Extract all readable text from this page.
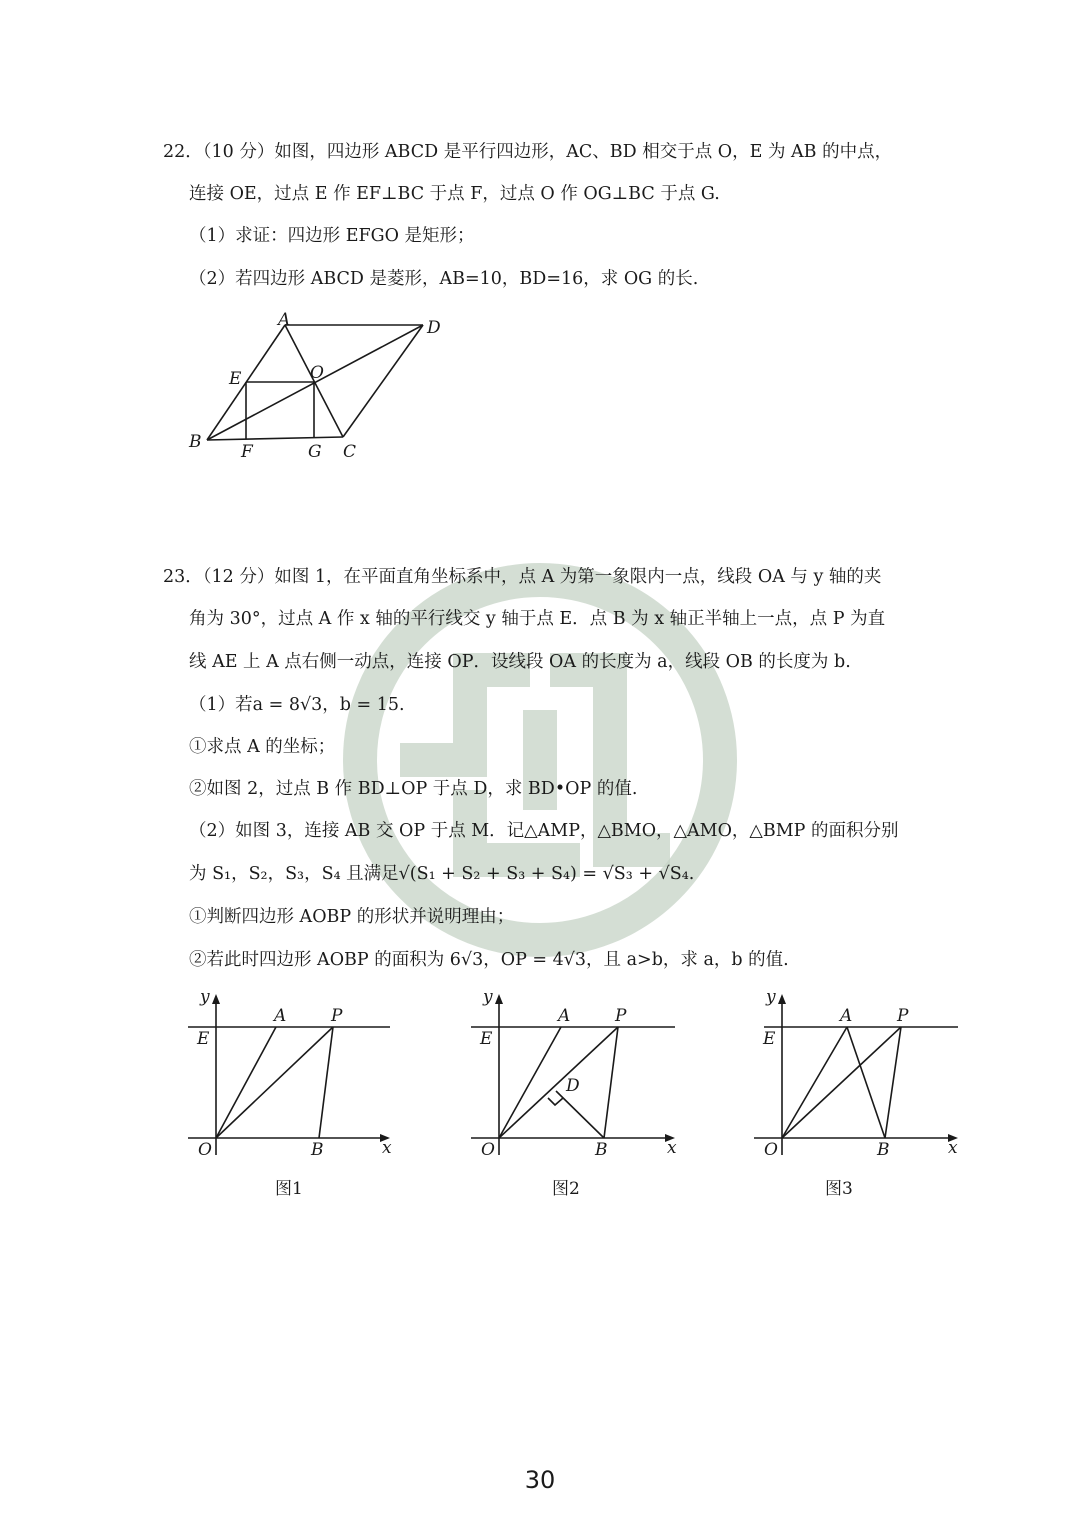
22．（10 分）如图，四边形 ABCD 是平行四边形，AC、BD 相交于点 O，E 为 AB 的中点，
连接 OE，过点 E 作 EF⊥BC 于点 F，过点 O 作 OG⊥BC 于点 G.
（1）求证：四边形 EFGO 是矩形；
（2）若四边形 ABCD 是菱形，AB=10，BD=16，求 OG 的长.
A	D
E	O
B F	G C
23．（12 分）如图 1，在平面直角坐标系中，点 A 为第一象限内一点，线段 OA 与 y 轴的夹
角为 30°，过点 A 作 x 轴的平行线交 y 轴于点 E．点 B 为 x 轴正半轴上一点，点 P 为直
线 AE 上 A 点右侧一动点，连接 OP．设线段 OA 的长度为 a，线段 OB 的长度为 b.
（1）若a = 8√3，b = 15.
①求点 A 的坐标；
②如图 2，过点 B 作 BD⊥OP 于点 D，求 BD•OP 的值.
（2）如图 3，连接 AB 交 OP 于点 M．记△AMP，△BMO，△AMO，△BMP 的面积分别
为 S₁，S₂，S₃，S₄ 且满足√(S₁ + S₂ + S₃ + S₄) = √S₃ + √S₄.
①判断四边形 AOBP 的形状并说明理由；
②若此时四边形 AOBP 的面积为 6√3，OP = 4√3，且 a>b，求 a，b 的值.
y
E
A	P
O	B	x
图1
y
E
A	P
D
O	B	x
图2
y
E
A	P
O	B	x
图3
30
